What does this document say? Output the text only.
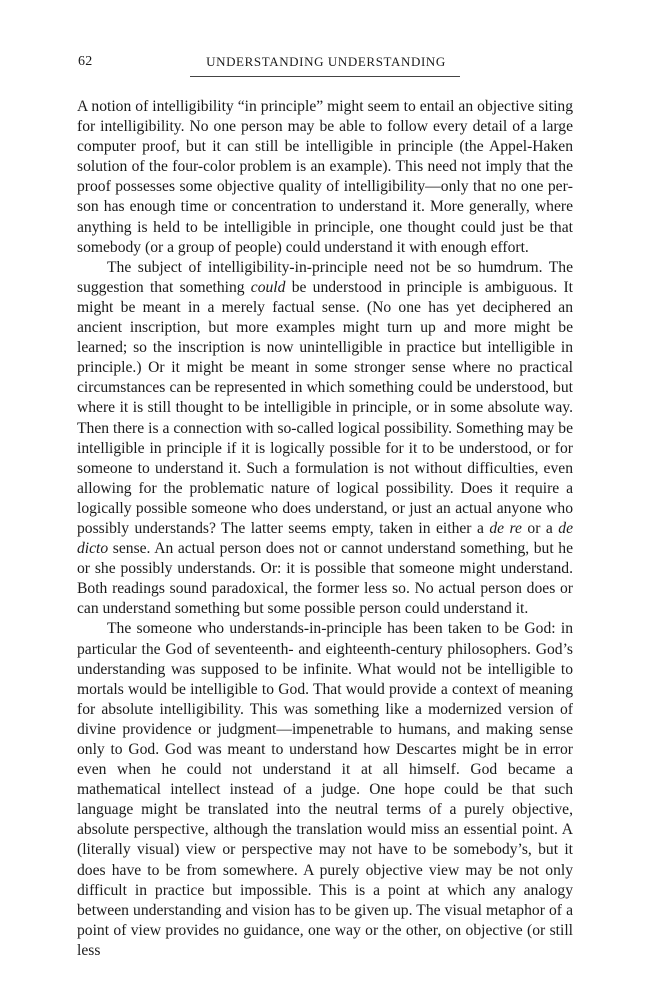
62	UNDERSTANDING UNDERSTANDING

A notion of intelligibility “in principle” might seem to entail an objective siting for intelligibility. No one person may be able to follow every detail of a large computer proof, but it can still be intelligible in principle (the Appel-Haken solution of the four-color problem is an example). This need not imply that the proof possesses some objective quality of intelligibility—only that no one person has enough time or concentration to understand it. More generally, where anything is held to be intelligible in principle, one thought could just be that somebody (or a group of people) could understand it with enough effort.

The subject of intelligibility-in-principle need not be so humdrum. The suggestion that something could be understood in principle is ambiguous. It might be meant in a merely factual sense. (No one has yet deciphered an ancient inscription, but more examples might turn up and more might be learned; so the inscription is now unintelligible in practice but intelligible in principle.) Or it might be meant in some stronger sense where no practical circumstances can be represented in which something could be understood, but where it is still thought to be intelligible in principle, or in some absolute way. Then there is a connection with so-called logical possibility. Something may be intelligible in principle if it is logically possible for it to be understood, or for someone to understand it. Such a formulation is not without difficulties, even allowing for the problematic nature of logical possibility. Does it require a logically possible someone who does understand, or just an actual anyone who possibly understands? The latter seems empty, taken in either a de re or a de dicto sense. An actual person does not or cannot understand something, but he or she possibly understands. Or: it is possible that someone might understand. Both readings sound paradoxical, the former less so. No actual person does or can understand something but some possible person could understand it.

The someone who understands-in-principle has been taken to be God: in particular the God of seventeenth- and eighteenth-century philosophers. God’s understanding was supposed to be infinite. What would not be intelligible to mortals would be intelligible to God. That would provide a context of meaning for absolute intelligibility. This was something like a modernized version of divine providence or judgment—impenetrable to humans, and making sense only to God. God was meant to understand how Descartes might be in error even when he could not understand it at all himself. God became a mathematical intellect instead of a judge. One hope could be that such language might be translated into the neutral terms of a purely objective, absolute perspective, although the translation would miss an essential point. A (literally visual) view or perspective may not have to be somebody’s, but it does have to be from somewhere. A purely objective view may be not only difficult in practice but impossible. This is a point at which any analogy between understanding and vision has to be given up. The visual metaphor of a point of view provides no guidance, one way or the other, on objective (or still less
